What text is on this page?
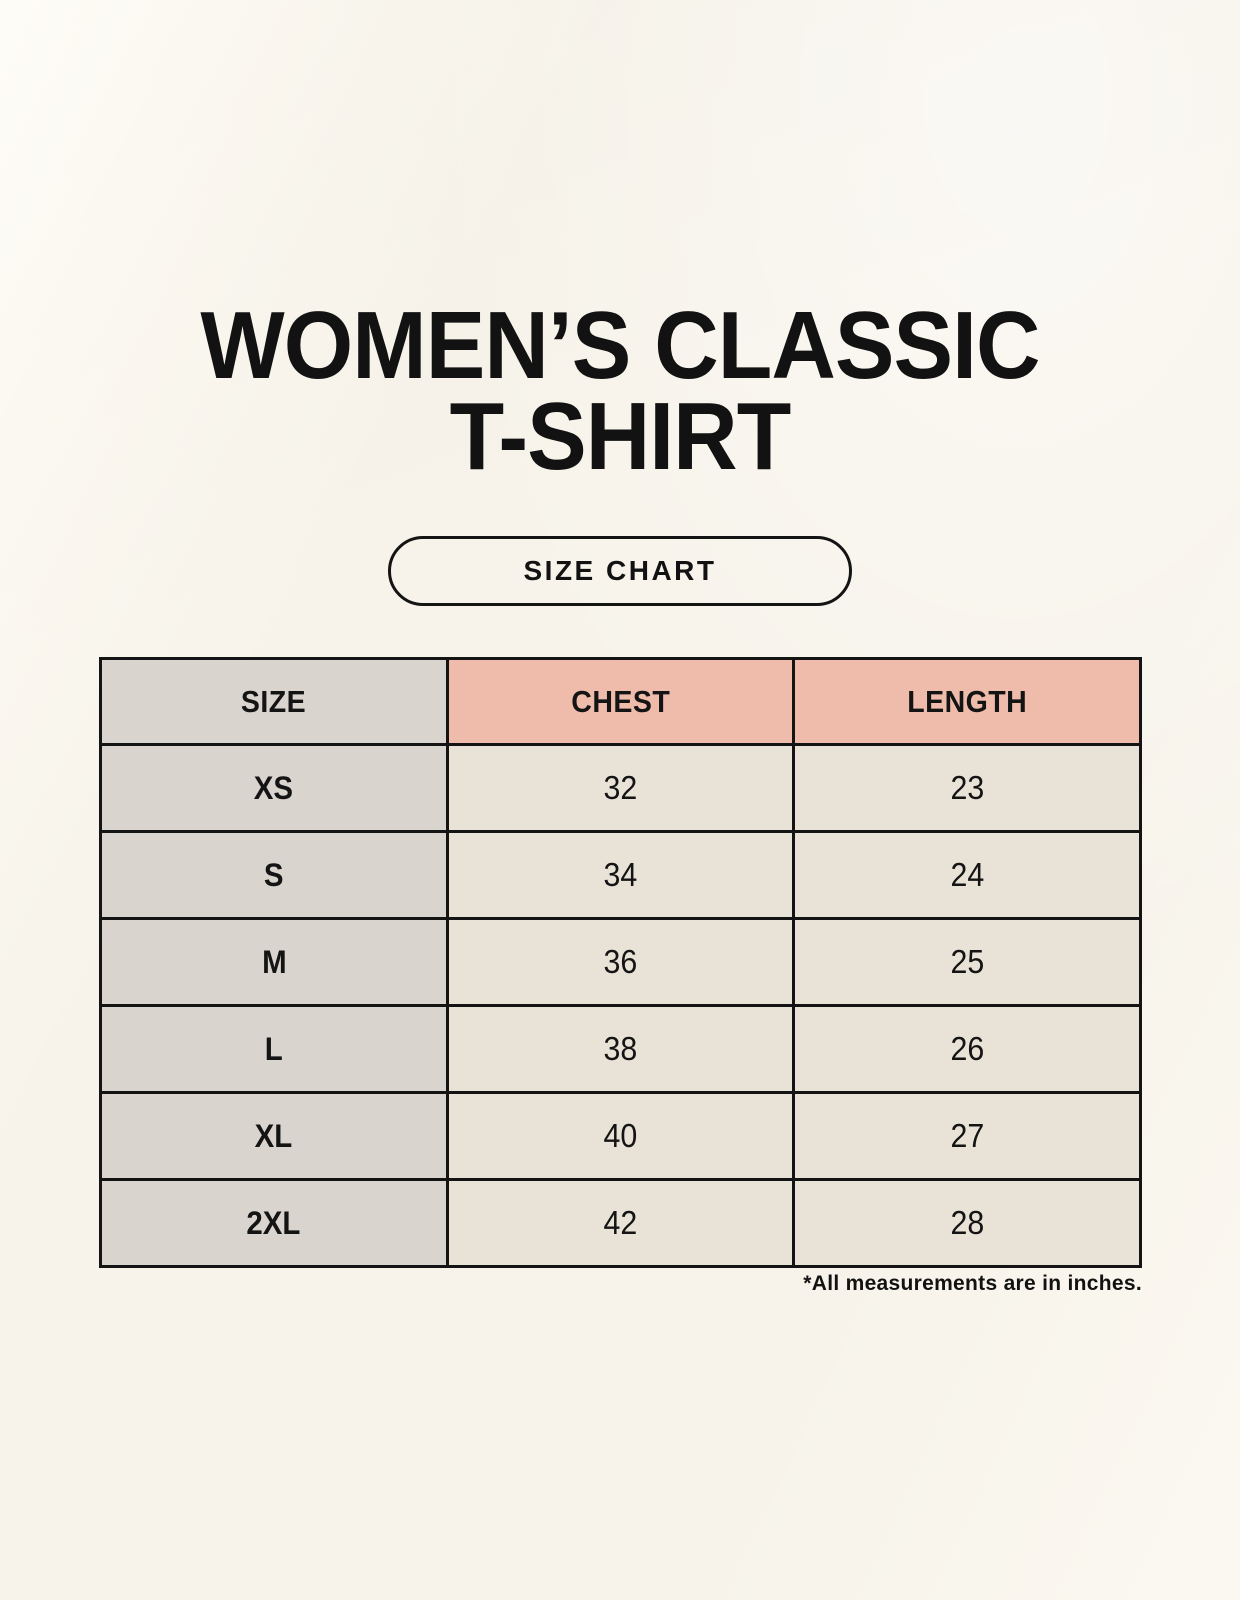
WOMEN’S CLASSIC
T-SHIRT
SIZE CHART
SIZE	CHEST	LENGTH
XS	32	23
S	34	24
M	36	25
L	38	26
XL	40	27
2XL	42	28
*All measurements are in inches.
